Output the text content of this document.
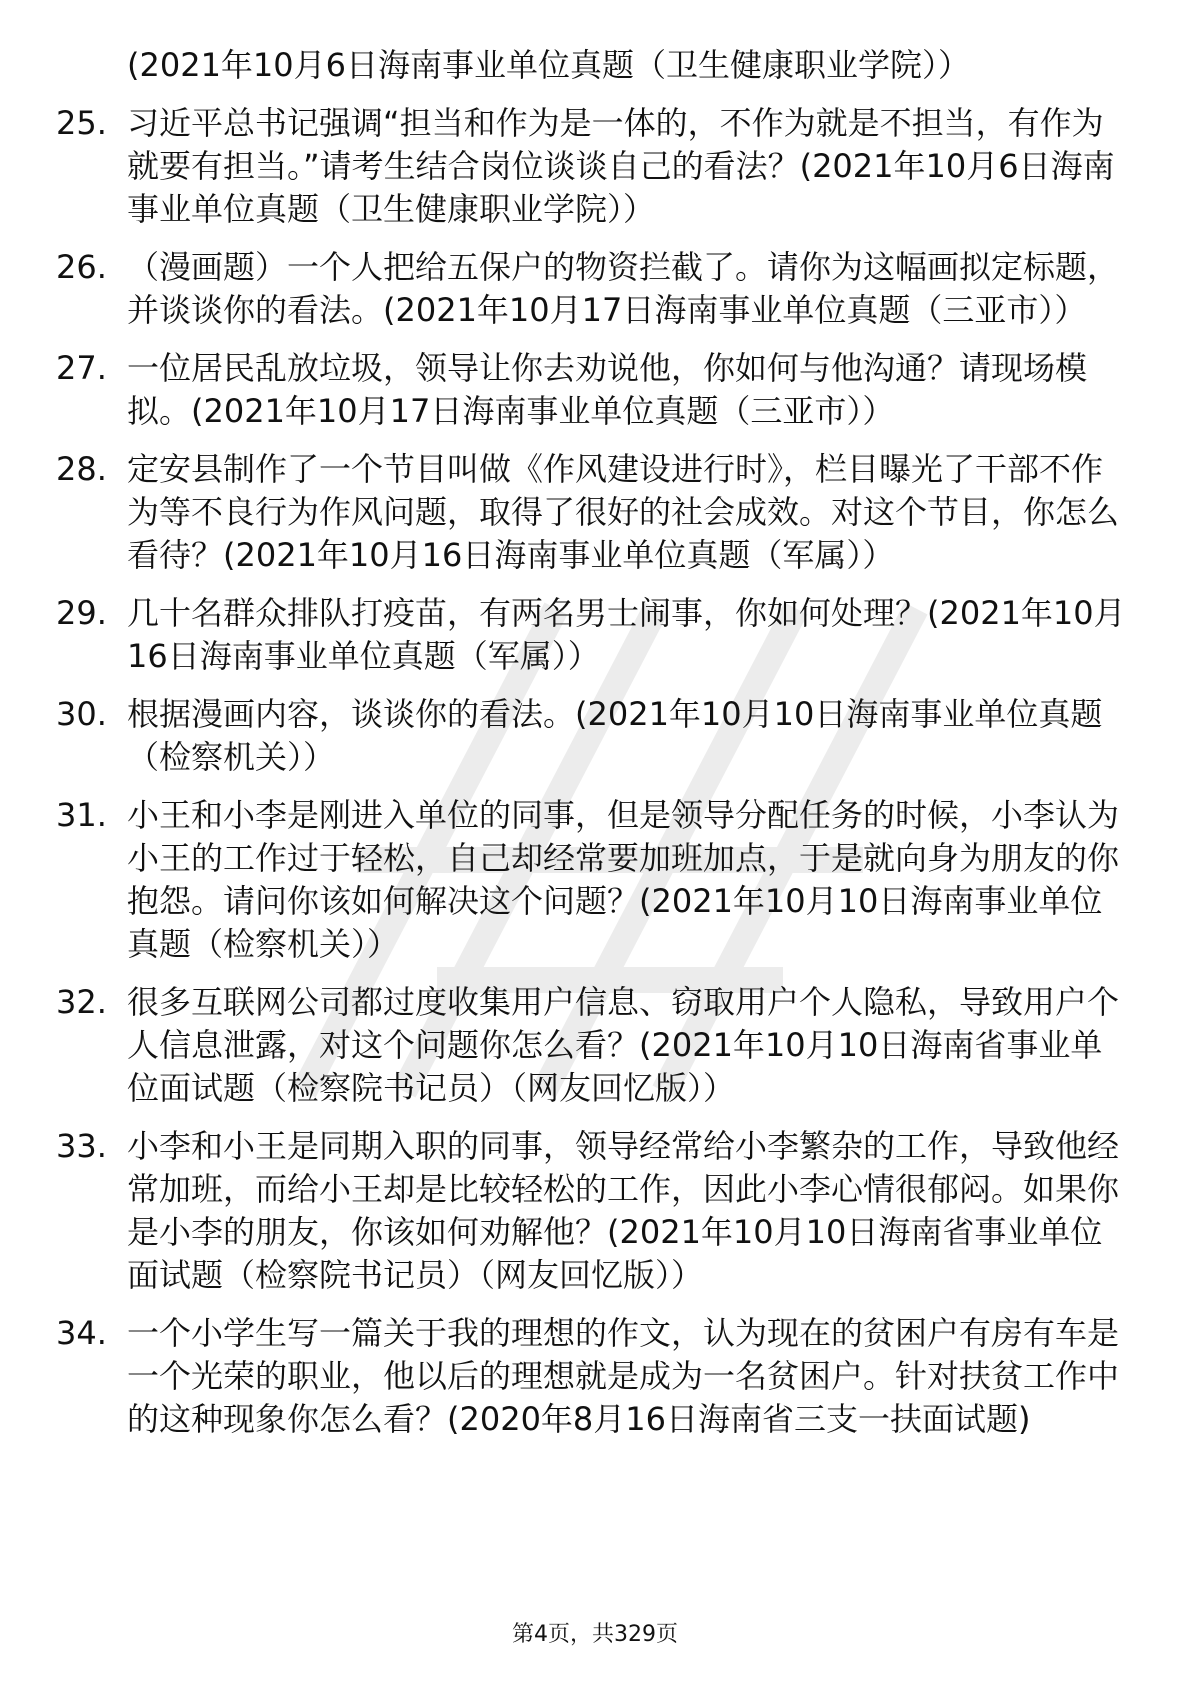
(2021年10月6日海南事业单位真题（卫生健康职业学院））
25. 习近平总书记强调“担当和作为是一体的，不作为就是不担当，有作为就要有担当。”请考生结合岗位谈谈自己的看法？(2021年10月6日海南事业单位真题（卫生健康职业学院））
26. （漫画题）一个人把给五保户的物资拦截了。请你为这幅画拟定标题，并谈谈你的看法。(2021年10月17日海南事业单位真题（三亚市））
27. 一位居民乱放垃圾，领导让你去劝说他，你如何与他沟通？请现场模拟。(2021年10月17日海南事业单位真题（三亚市））
28. 定安县制作了一个节目叫做《作风建设进行时》，栏目曝光了干部不作为等不良行为作风问题，取得了很好的社会成效。对这个节目，你怎么看待？(2021年10月16日海南事业单位真题（军属））
29. 几十名群众排队打疫苗，有两名男士闹事，你如何处理？(2021年10月16日海南事业单位真题（军属））
30. 根据漫画内容，谈谈你的看法。(2021年10月10日海南事业单位真题（检察机关））
31. 小王和小李是刚进入单位的同事，但是领导分配任务的时候，小李认为小王的工作过于轻松，自己却经常要加班加点，于是就向身为朋友的你抱怨。请问你该如何解决这个问题？(2021年10月10日海南事业单位真题（检察机关））
32. 很多互联网公司都过度收集用户信息、窃取用户个人隐私，导致用户个人信息泄露，对这个问题你怎么看？(2021年10月10日海南省事业单位面试题（检察院书记员）（网友回忆版））
33. 小李和小王是同期入职的同事，领导经常给小李繁杂的工作，导致他经常加班，而给小王却是比较轻松的工作，因此小李心情很郁闷。如果你是小李的朋友，你该如何劝解他？(2021年10月10日海南省事业单位面试题（检察院书记员）（网友回忆版））
34. 一个小学生写一篇关于我的理想的作文，认为现在的贫困户有房有车是一个光荣的职业，他以后的理想就是成为一名贫困户。针对扶贫工作中的这种现象你怎么看？(2020年8月16日海南省三支一扶面试题)
第4页，共329页
